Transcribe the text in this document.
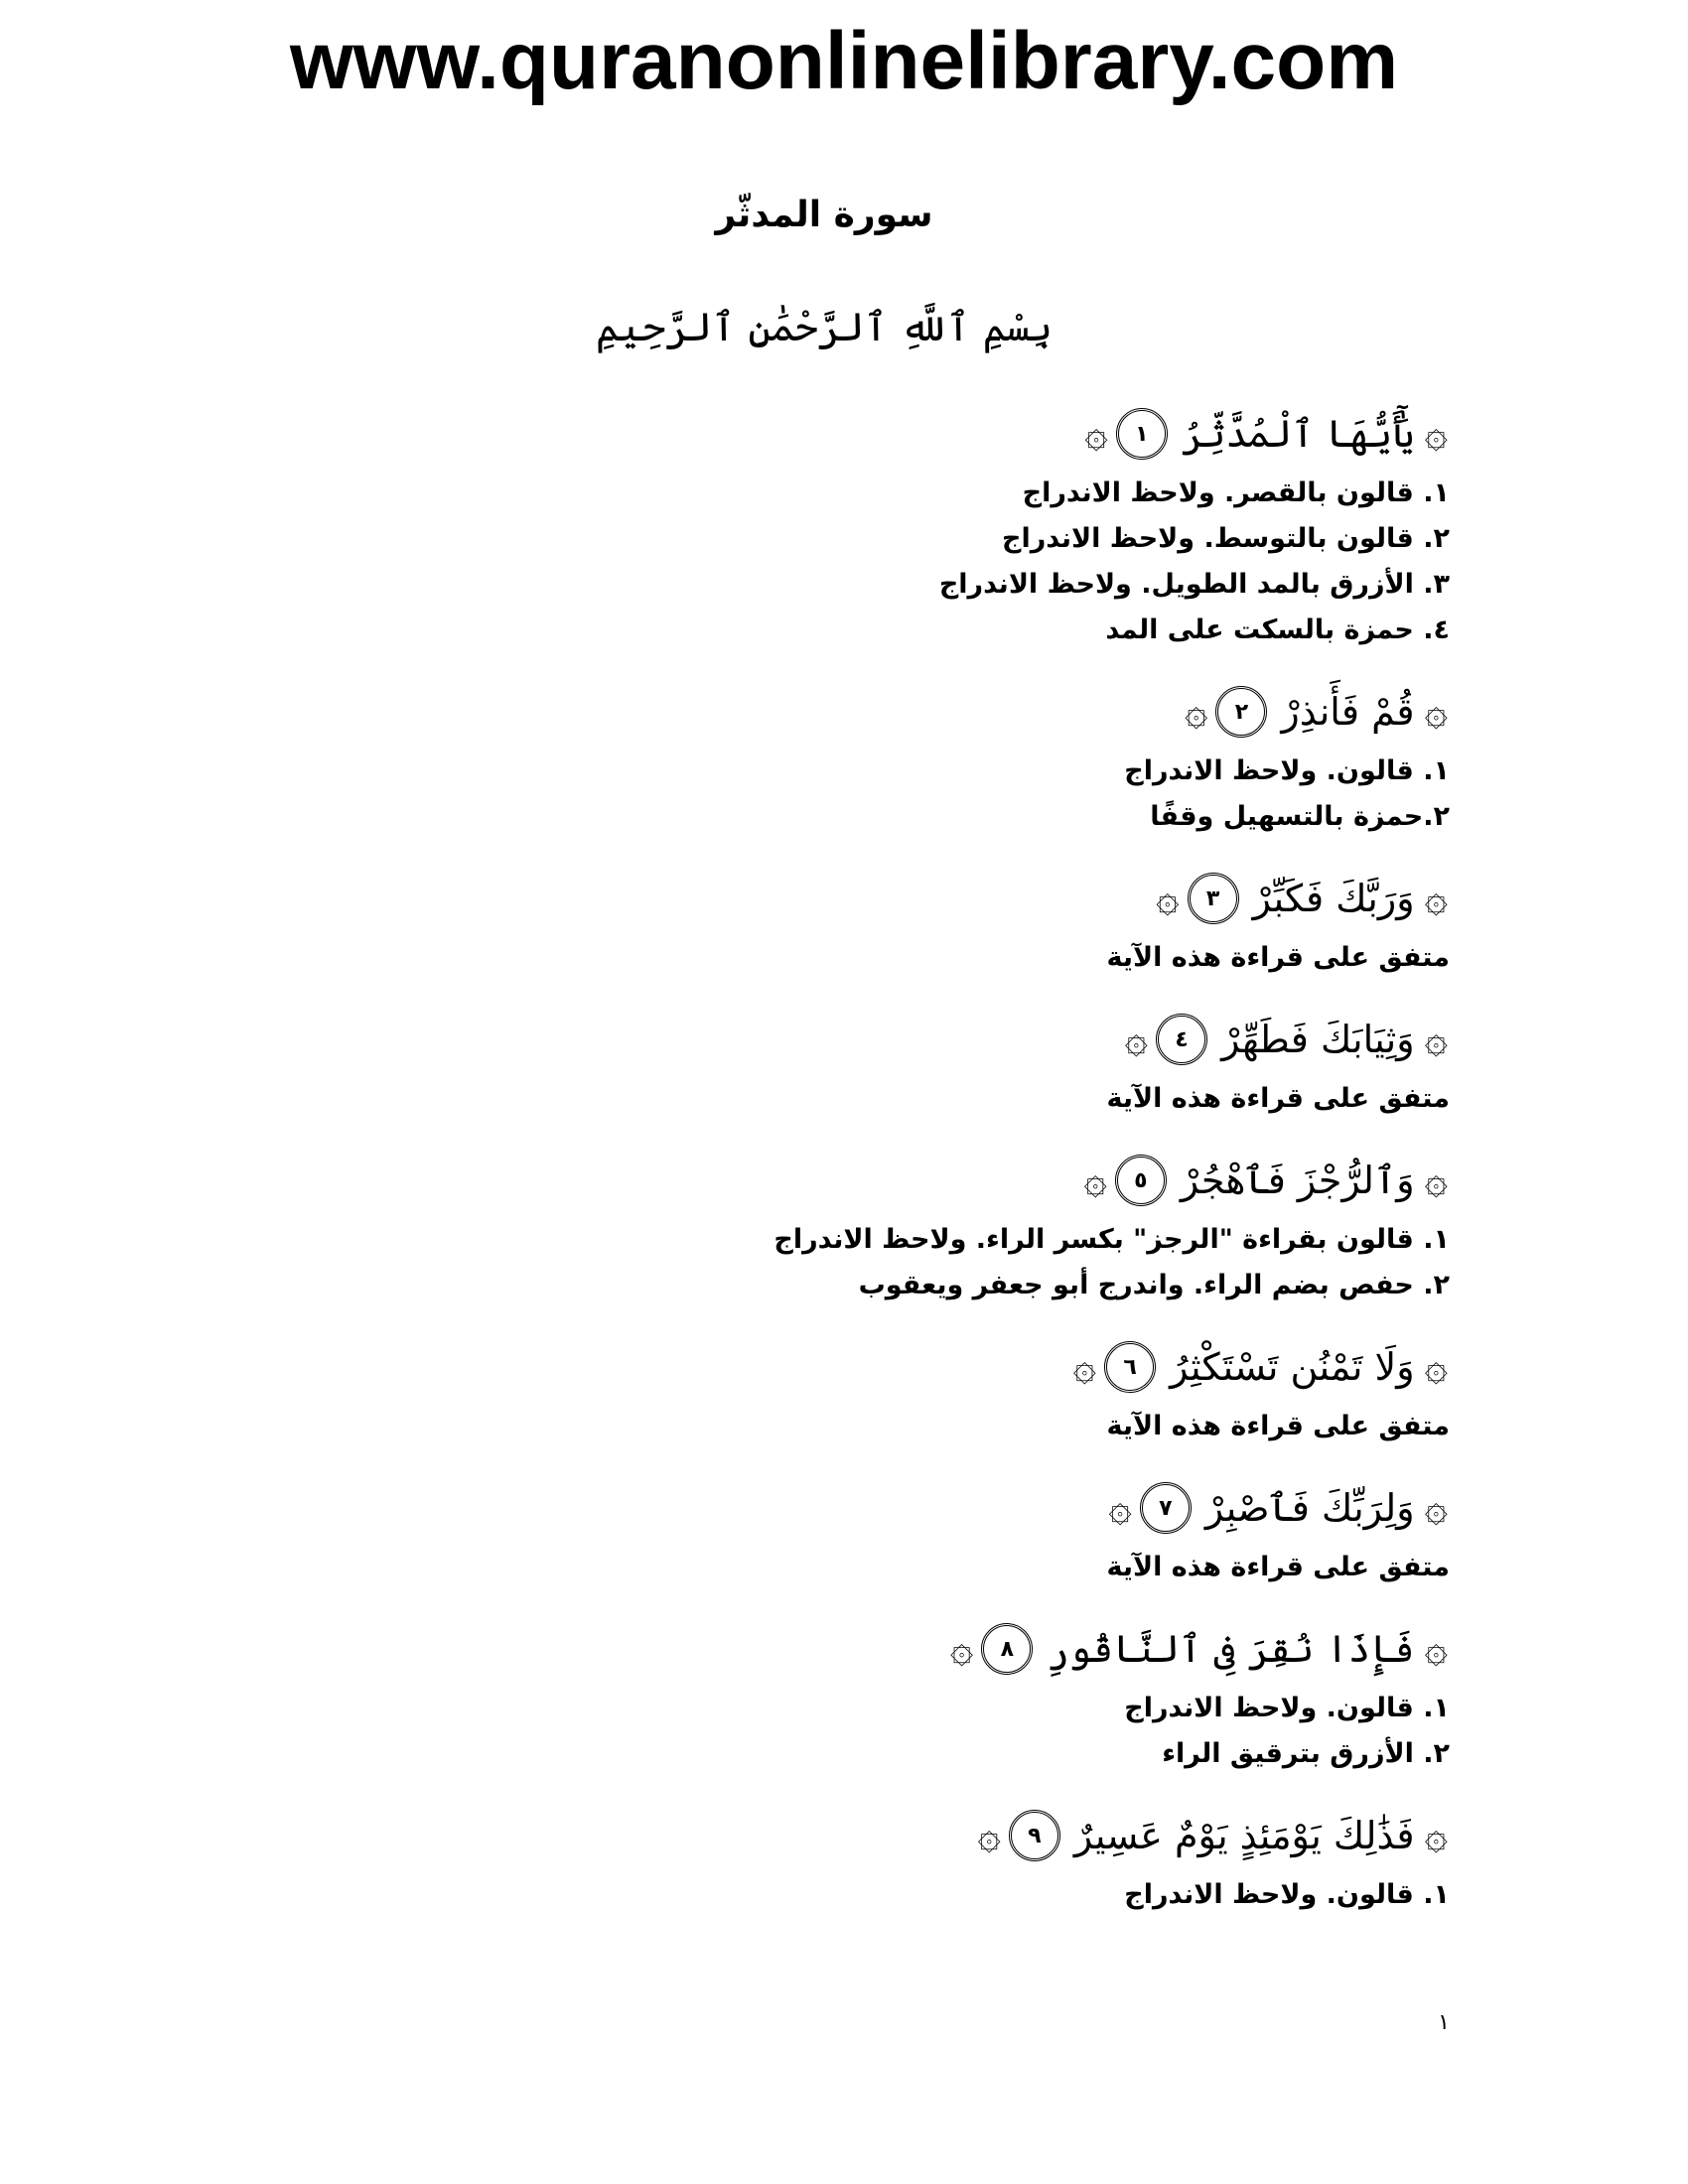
www.quranonlinelibrary.com
سورة المدثّر
بِسْمِ ٱللَّهِ ٱلرَّحْمَٰنِ ٱلرَّحِيمِ
۞
يَٰٓأَيُّهَا ٱلْمُدَّثِّرُ
١
۞
١. قالون بالقصر. ولاحظ الاندراج
٢. قالون بالتوسط. ولاحظ الاندراج
٣. الأزرق بالمد الطويل. ولاحظ الاندراج
٤. حمزة بالسكت على المد
۞
قُمْ فَأَنذِرْ
٢
۞
١. قالون. ولاحظ الاندراج
٢.حمزة بالتسهيل وقفًا
۞
وَرَبَّكَ فَكَبِّرْ
٣
۞
متفق على قراءة هذه الآية
۞
وَثِيَابَكَ فَطَهِّرْ
٤
۞
متفق على قراءة هذه الآية
۞
وَٱلرُّجْزَ فَٱهْجُرْ
٥
۞
١. قالون بقراءة "الرجز" بكسر الراء. ولاحظ الاندراج
٢. حفص بضم الراء. واندرج أبو جعفر ويعقوب
۞
وَلَا تَمْنُن تَسْتَكْثِرُ
٦
۞
متفق على قراءة هذه الآية
۞
وَلِرَبِّكَ فَٱصْبِرْ
٧
۞
متفق على قراءة هذه الآية
۞
فَإِذَا نُقِرَ فِى ٱلنَّاقُورِ
٨
۞
١. قالون. ولاحظ الاندراج
٢. الأزرق بترقيق الراء
۞
فَذَٰلِكَ يَوْمَئِذٍ يَوْمٌ عَسِيرٌ
٩
۞
١. قالون. ولاحظ الاندراج
١
